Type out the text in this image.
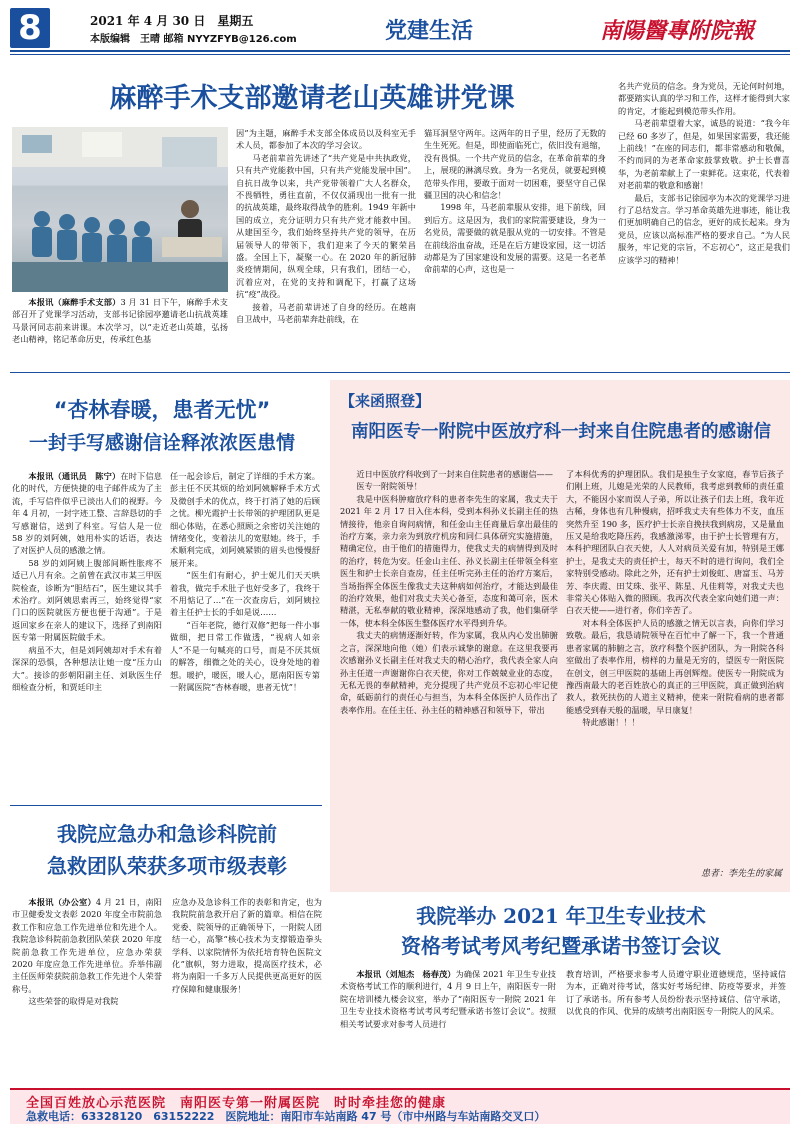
8	2021 年 4 月 30 日　星期五
本版编辑　王晴 邮箱 NYYZFYB@126.com	党建生活	南陽醫專附院報
麻醉手术支部邀请老山英雄讲党课

本报讯（麻醉手术支部）3 月 31 日下午，麻醉手术支部召开了党课学习活动，支部书记徐园亭邀请老山抗战英雄马景河同志前来讲课。本次学习，以“走近老山英雄，弘扬老山精神，铭记革命历史，传承红色基

因”为主题，麻醉手术支部全体成员以及科室无手术人员，都参加了本次的学习会议。

马老前辈首先讲述了“共产党是中共执政党，只有共产党能救中国，只有共产党能发展中国”。自抗日战争以来，共产党带领着广大人名群众，不畏牺牲，勇往直前，不仅仅涌现出一批有一批的抗战英雄，最终取得战争的胜利。1949 年新中国的成立，充分证明力只有共产党才能救中国。从建国至今，我们始终坚持共产党的领导，在历届领导人的带领下，我们迎来了今天的繁荣昌盛。全国上下，凝聚一心。在 2020 年的新冠肺炎疫情期间，纵观全球，只有我们，团结一心，沉着应对，在党的支持和调配下，打赢了这场抗“疫”战役。

接着，马老前辈讲述了自身的经历。在越南自卫战中，马老前辈奔赴前线，在

猫耳洞坚守两年。这两年的日子里，经历了无数的生生死死。但是，即使面临死亡，依旧没有退缩，没有畏惧。一个共产党员的信念，在革命前辈的身上，展现的淋漓尽致。身为一名党员，就要起到模范带头作用，要敢于面对一切困难，要坚守自己保疆卫国的决心和信念！

1998 年，马老前辈服从安排，退下前线，回到后方。这是因为，我们的家院需要建设，身为一名党员，需要做的就是服从党的一切安排。不管是在前线浴血奋战，还是在后方建设家园，这一切活动都是为了国家建设和发展的需要。这是一名老革命前辈的心声，这也是一

名共产党员的信念。身为党员，无论何时何地，都要踏实认真的学习和工作，这样才能得到大家的肯定，才能起到模范带头作用。

马老前辈望着大家，诚恳的说道：“我今年已经 60 多岁了，但是，如果国家需要，我还能上前线！”在座的同志们，都非常感动和敬佩，不约而同的为老革命家鼓掌致敬。护士长曹喜华，为老前辈献上了一束鲜花。这束花，代表着对老前辈的敬意和感谢！

最后，支部书记徐园亭为本次的党课学习进行了总结发言。学习革命英雄先进事迹，能让我们更加明确自己的信念，更好的成长起来。身为党员，应该以高标准严格的要求自己。“为人民服务，牢记党的宗旨，不忘初心”，这正是我们应该学习的精神！

“杏林春暖，患者无忧”
一封手写感谢信诠释浓浓医患情

本报讯（通讯员　陈宁）在时下信息化的时代，方便快捷的电子邮件成为了主流，手写信件似乎已淡出人们的视野。今年 4 月初，一封字迹工整、言辞恳切的手写感谢信，送到了科室。写信人是一位 58 岁的刘阿姨，她用朴实的话语，表达了对医护人员的感激之情。

58 岁的刘阿姨上腹部间断性胀疼不适已八月有余。之前曾在武汉市某三甲医院检查，诊断为“胆结石”，医生建议其手术治疗。刘阿姨思索再三，始终觉得“家门口的医院就医方便也便于沟通”。于是返回家乡在亲人的建议下，选择了到南阳医专第一附属医院做手术。

病虽不大，但是刘阿姨却对手术有着深深的恐惧，各种想法让她一度“压力山大”。接诊的彭朝阳副主任、刘耿医生仔细检查分析，和贾廷印主

任一起会诊后，制定了详细的手术方案。彭主任不厌其烦的给刘阿姨解释手术方式及微创手术的优点，终于打消了她的后顾之忧。柳光霞护士长带领的护理团队更是细心体贴，在悉心照顾之余密切关注她的情绪变化，变着法儿的宽慰她。终于，手术顺利完成，刘阿姨紧锁的眉头也慢慢舒展开来。

“医生们有耐心，护士妮儿们天天哄着我，做完手术肚子也好受多了，我终于不用惦记了…”在一次查房后，刘阿姨拉着主任护士长的手如是说……

“百年老院，德行双修”把每一件小事做细，把日常工作做透，“视病人如亲人”不是一句喊亮的口号，而是不厌其烦的解答，细微之处的关心，设身处地的着想。暖护，暖医，暖人心，愿南阳医专第一附属医院“杏林春暖，患者无忧”！

【来函照登】
南阳医专一附院中医放疗科一封来自住院患者的感谢信

近日中医放疗科收到了一封来自住院患者的感谢信——

医专一附院领导！

我是中医科肿瘤放疗科的患者李先生的家属，我丈夫于 2021 年 2 月 17 日入住本科，受到本科孙义长副主任的热情接待，他亲自询问病情，和任金山主任商量后拿出最佳的治疗方案，亲力亲为到放疗机房和同仁具体研究实施措施，精确定位，由于他们的措施得力，使我丈夫的病情得到及时的治疗，转危为安。任金山主任、孙义长副主任带领全科室医生和护士长亲自查房，任主任听完孙主任的治疗方案后，当场指挥全体医生像我丈夫这种病如何治疗，才能达到最佳的治疗效果，他们对我丈夫关心备至，态度和蔼可亲，医术精湛，无私奉献的敬业精神，深深地感动了我，他们集研学一体，使本科全体医生整体医疗水平得到升华。

我丈夫的病情逐渐好转，作为家属，我从内心发出肺腑之言，深深地向他（她）们表示诚挚的谢意。在这里我要再次感谢孙义长副主任对我丈夫的精心治疗，我代表全家人向孙主任道一声谢谢你白衣天使，你对工作兢兢业业的态度，无私无畏的奉献精神，充分提现了共产党员不忘初心牢记使命，砥砺前行的责任心与担当，为本科全体医护人员作出了表率作用。在任主任、孙主任的精神感召和领导下，带出

了本科优秀的护理团队。我们是独生子女家庭，春节后孩子们刚上班，儿媳是光荣的人民教师，我考虑到教师的责任重大，不能因小家而误人子弟，所以让孩子们去上班，我年近古稀，身体也有几种慢病，招呼我丈夫有些体力不支，血压突然升至 190 多，医疗护士长亲自挽扶我到病房，又是量血压又是给我吃降压药，我感激涕零，由于护士长管理有方，本科护理团队白衣天使，人人对病员关爱有加，特别是王娜护士，是我丈夫的责任护士，每天不时的进行询问，我们全家特别受感动。除此之外，还有护士刘俊虹、唐富玉、马芳芳、李庆霞、田艾珠、张平、陈星、凡佳莉等，对我丈夫也非常关心体贴入微的照顾。我再次代表全家向她们道一声：白衣天使——进行者，你们辛苦了。

对本科全体医护人员的感激之情无以言表，向你们学习致敬。最后，我恳请院领导在百忙中了解一下，我一个普通患者家属的肺腑之言，放疗科整个医护团队，为一附院各科室做出了表率作用，榜样的力量是无穷的，望医专一附医院在创文，创三甲医院的基础上再创辉煌。使医专一附院成为豫西南最大的老百姓放心的真正的三甲医院，真正做到治病救人，救死扶伤的人道主义精神，使来一附院看病的患者都能感受到春天般的温暖，早日康复！

特此感谢！！！

患者：李先生的家属
我院应急办和急诊科院前
急救团队荣获多项市级表彰

本报讯（办公室）4 月 21 日，南阳市卫健委发文表彰 2020 年度全市院前急救工作和应急工作先进单位和先进个人。我院急诊科院前急救团队荣获 2020 年度院前急救工作先进单位，应急办荣获 2020 年度应急工作先进单位。乔举伟副主任医师荣获院前急救工作先进个人荣誉称号。

这些荣誉的取得是对我院

应急办及急诊科工作的表彰和肯定，也为我院院前急救开启了新的篇章。相信在院党委、院领导的正确领导下，一附院人团结一心，高擎“核心技术为支撑锻造拳头学科、以家院情怀为依托培育特色医院文化”旗帜，努力进取，提高医疗技术，必将为南阳一千多万人民提供更高更好的医疗保障和健康服务！

我院举办 2021 年卫生专业技术
资格考试考风考纪暨承诺书签订会议

本报讯（刘旭杰　杨春茂）为确保 2021 年卫生专业技术资格考试工作的顺利进行，4 月 9 日上午，南阳医专一附院在培训楼九楼会议室，举办了“南阳医专一附院 2021 年卫生专业技术资格考试考风考纪暨承诺书签订会议”。按照相关考试要求对参考人员进行

教育培训，严格要求参考人员遵守职业道德规范，坚持诚信为本，正确对待考试，落实好考场纪律、防疫等要求，并签订了承诺书。所有参考人员纷纷表示坚持诚信、信守承诺，以优良的作风、优异的成绩考出南阳医专一附院人的风采。

全国百姓放心示范医院　南阳医专第一附属医院　时时牵挂您的健康
急救电话：63328120　63152222　 医院地址：南阳市车站南路 47 号（市中州路与车站南路交叉口）
